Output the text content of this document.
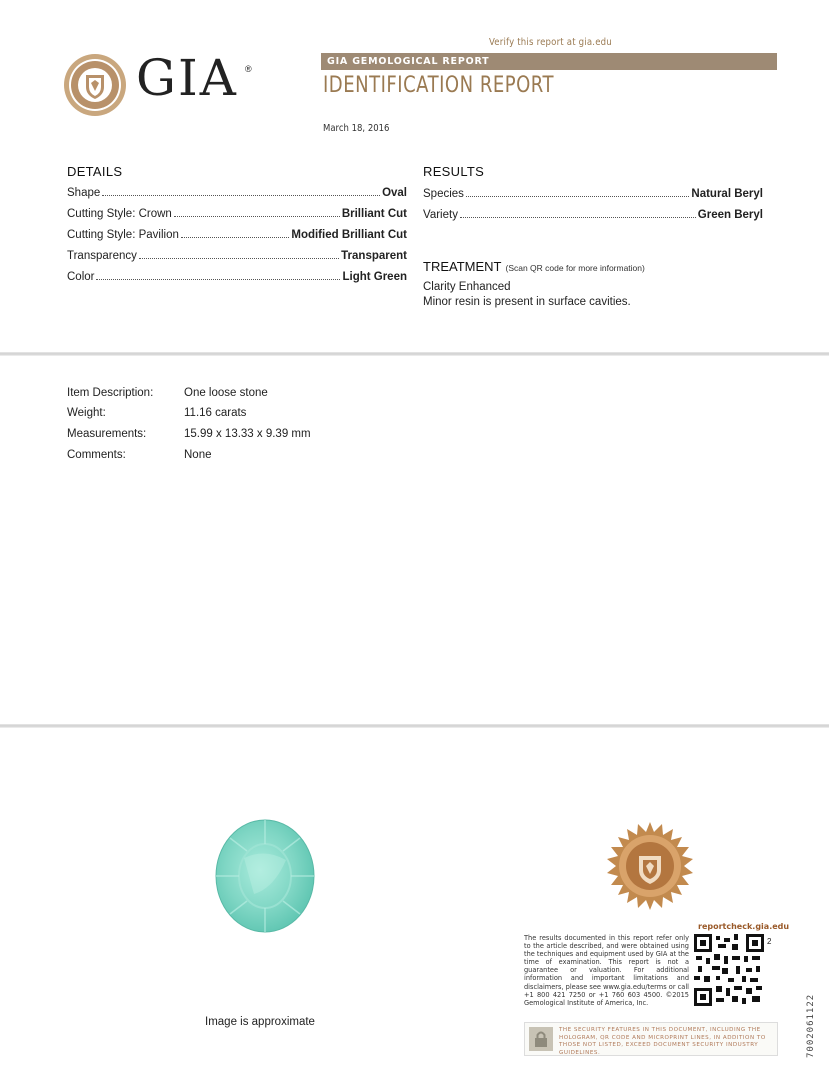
GIA ®
Verify this report at gia.edu
GIA GEMOLOGICAL REPORT
IDENTIFICATION REPORT
March 18, 2016
DETAILS
Shape	Oval
Cutting Style: Crown	Brilliant Cut
Cutting Style: Pavilion	Modified Brilliant Cut
Transparency	Transparent
Color	Light Green
RESULTS
Species	Natural Beryl
Variety	Green Beryl
TREATMENT (Scan QR code for more information)
Clarity Enhanced
Minor resin is present in surface cavities.
Item Description:	One loose stone
Weight:	11.16 carats
Measurements:	15.99 x 13.33 x 9.39 mm
Comments:	None
Image is approximate
reportcheck.gia.edu
The results documented in this report refer only to the article described, and were obtained using the techniques and equipment used by GIA at the time of examination. This report is not a guarantee or valuation. For additional information and important limitations and disclaimers, please see www.gia.edu/terms or call +1 800 421 7250 or +1 760 603 4500. ©2015 Gemological Institute of America, Inc.
2
THE SECURITY FEATURES IN THIS DOCUMENT, INCLUDING THE HOLOGRAM, QR CODE AND MICROPRINT LINES, IN ADDITION TO THOSE NOT LISTED, EXCEED DOCUMENT SECURITY INDUSTRY GUIDELINES.	7002061122
